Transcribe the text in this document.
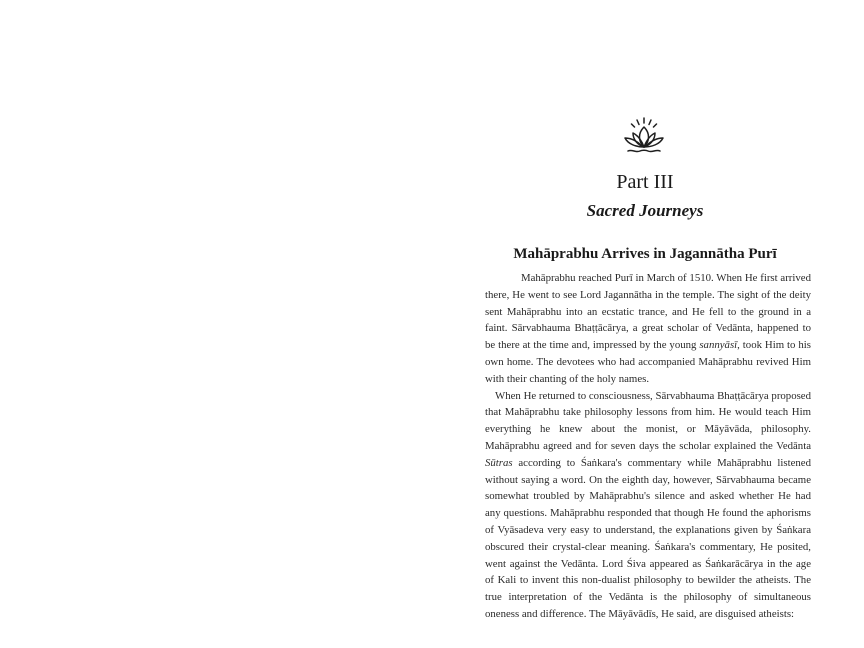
Part III
Sacred Journeys
Mahāprabhu Arrives in Jagannātha Purī

Mahāprabhu reached Purī in March of 1510. When He first arrived there, He went to see Lord Jagannātha in the temple. The sight of the deity sent Mahāprabhu into an ecstatic trance, and He fell to the ground in a faint. Sārvabhauma Bhaṭṭācārya, a great scholar of Vedānta, happened to be there at the time and, impressed by the young sannyāsī, took Him to his own home. The devotees who had accompanied Mahāprabhu revived Him with their chanting of the holy names.

When He returned to consciousness, Sārvabhauma Bhaṭṭācārya proposed that Mahāprabhu take philosophy lessons from him. He would teach Him everything he knew about the monist, or Māyāvāda, philosophy. Mahāprabhu agreed and for seven days the scholar explained the Vedānta Sūtras according to Śaṅkara's commentary while Mahāprabhu listened without saying a word. On the eighth day, however, Sārvabhauma became somewhat troubled by Mahāprabhu's silence and asked whether He had any questions. Mahāprabhu responded that though He found the aphorisms of Vyāsadeva very easy to understand, the explanations given by Śaṅkara obscured their crystal-clear meaning. Śaṅkara's commentary, He posited, went against the Vedānta. Lord Śiva appeared as Śaṅkarācārya in the age of Kali to invent this non-dualist philosophy to bewilder the atheists. The true interpretation of the Vedānta is the philosophy of simultaneous oneness and difference. The Māyāvādīs, He said, are disguised atheists:
